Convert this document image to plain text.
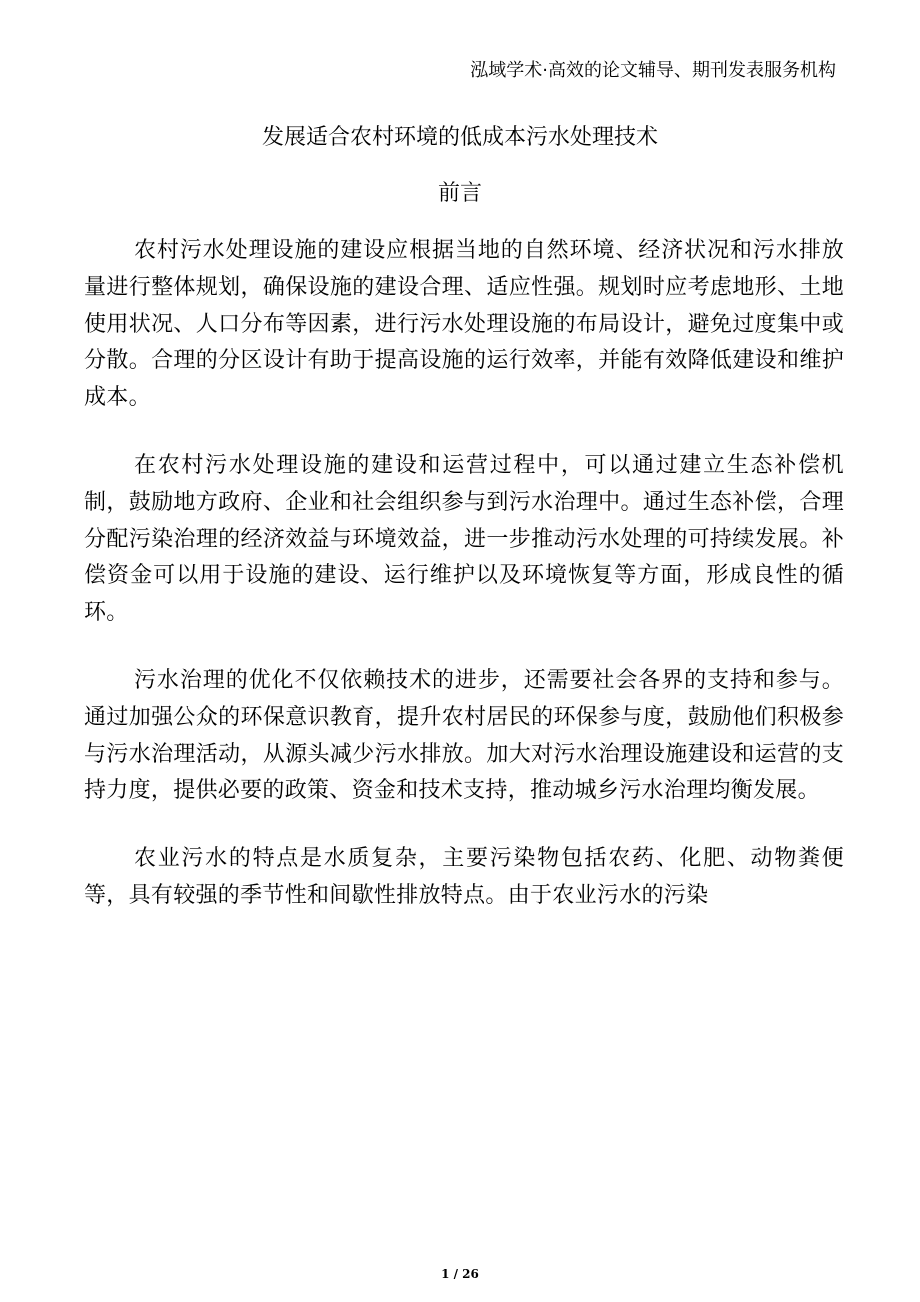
泓域学术·高效的论文辅导、期刊发表服务机构
发展适合农村环境的低成本污水处理技术
前言

农村污水处理设施的建设应根据当地的自然环境、经济状况和污水排放量进行整体规划，确保设施的建设合理、适应性强。规划时应考虑地形、土地使用状况、人口分布等因素，进行污水处理设施的布局设计，避免过度集中或分散。合理的分区设计有助于提高设施的运行效率，并能有效降低建设和维护成本。

在农村污水处理设施的建设和运营过程中，可以通过建立生态补偿机制，鼓励地方政府、企业和社会组织参与到污水治理中。通过生态补偿，合理分配污染治理的经济效益与环境效益，进一步推动污水处理的可持续发展。补偿资金可以用于设施的建设、运行维护以及环境恢复等方面，形成良性的循环。

污水治理的优化不仅依赖技术的进步，还需要社会各界的支持和参与。通过加强公众的环保意识教育，提升农村居民的环保参与度，鼓励他们积极参与污水治理活动，从源头减少污水排放。加大对污水治理设施建设和运营的支持力度，提供必要的政策、资金和技术支持，推动城乡污水治理均衡发展。

农业污水的特点是水质复杂，主要污染物包括农药、化肥、动物粪便等，具有较强的季节性和间歇性排放特点。由于农业污水的污染

1 / 26
